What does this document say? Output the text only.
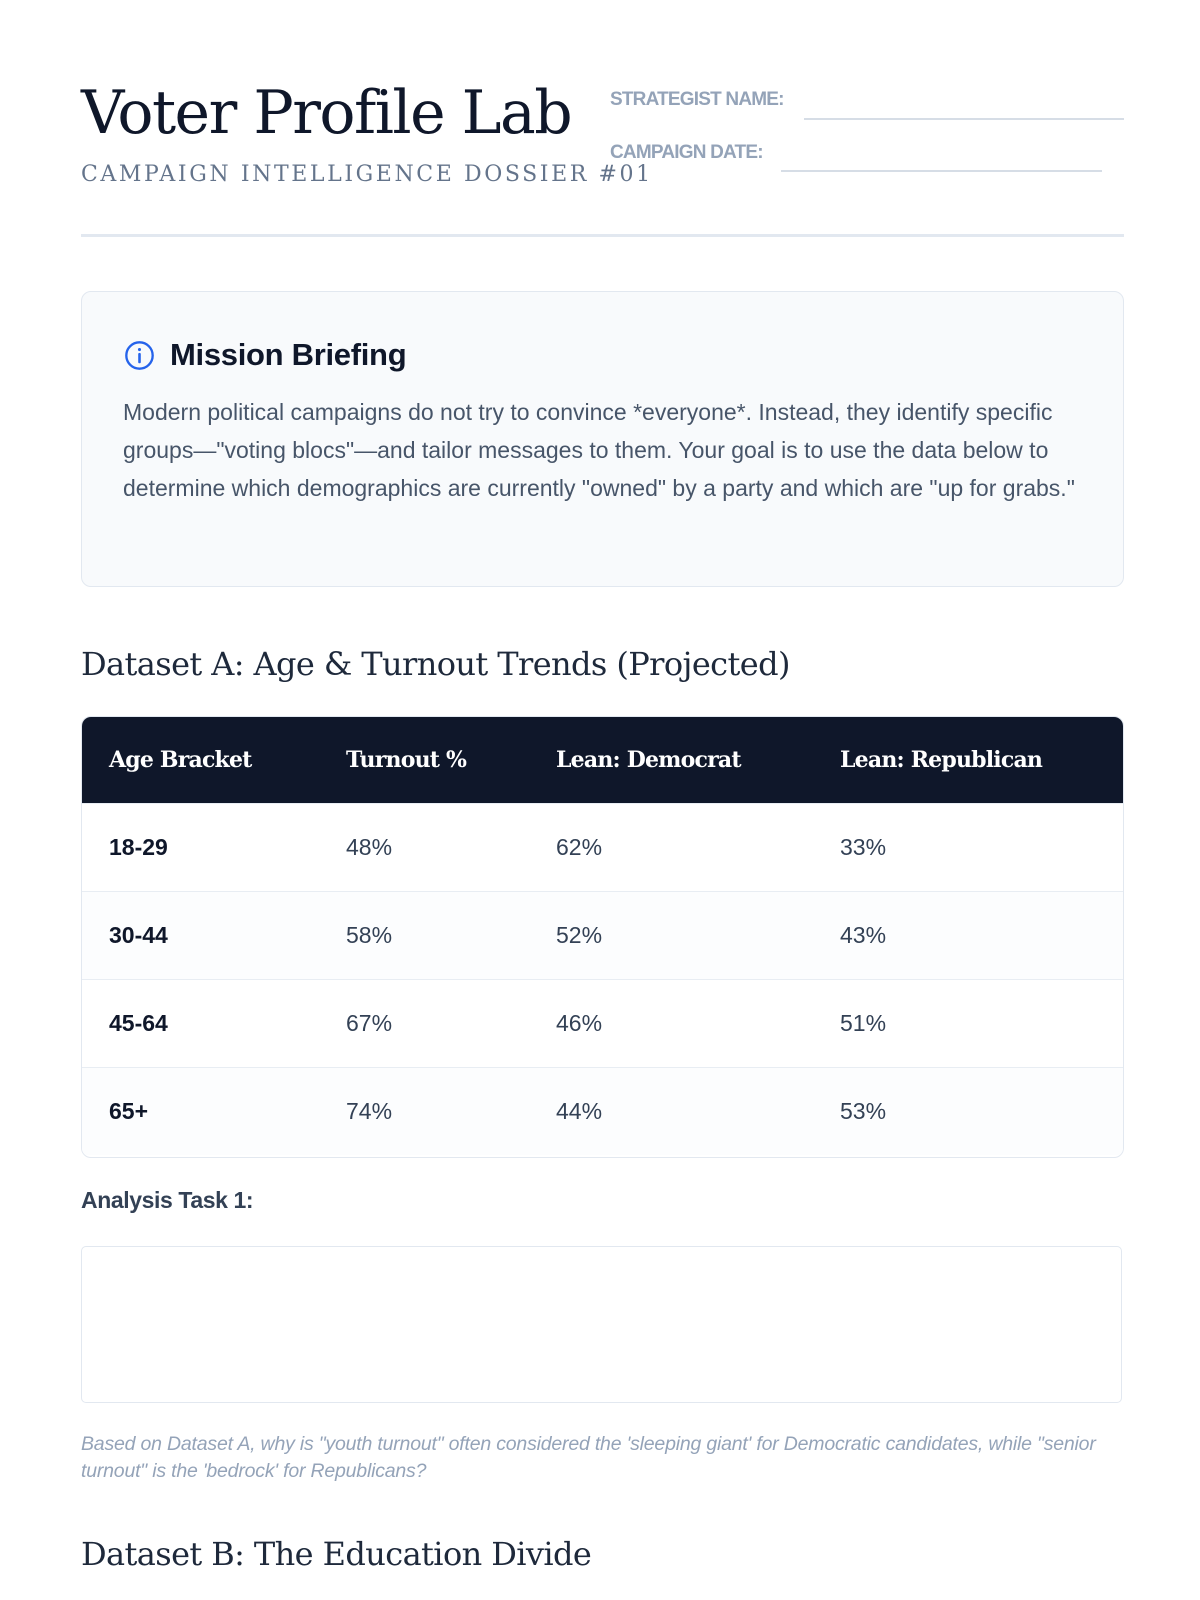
Voter Profile Lab
CAMPAIGN INTELLIGENCE DOSSIER #01
STRATEGIST NAME:
CAMPAIGN DATE:
Mission Briefing
Modern political campaigns do not try to convince *everyone*. Instead, they identify specific groups—"voting blocs"—and tailor messages to them. Your goal is to use the data below to determine which demographics are currently "owned" by a party and which are "up for grabs."
Dataset A: Age & Turnout Trends (Projected)
Age Bracket	Turnout %	Lean: Democrat	Lean: Republican
18-29	48%	62%	33%
30-44	58%	52%	43%
45-64	67%	46%	51%
65+	74%	44%	53%
Analysis Task 1:
Based on Dataset A, why is "youth turnout" often considered the 'sleeping giant' for Democratic candidates, while "senior turnout" is the 'bedrock' for Republicans?
Dataset B: The Education Divide
